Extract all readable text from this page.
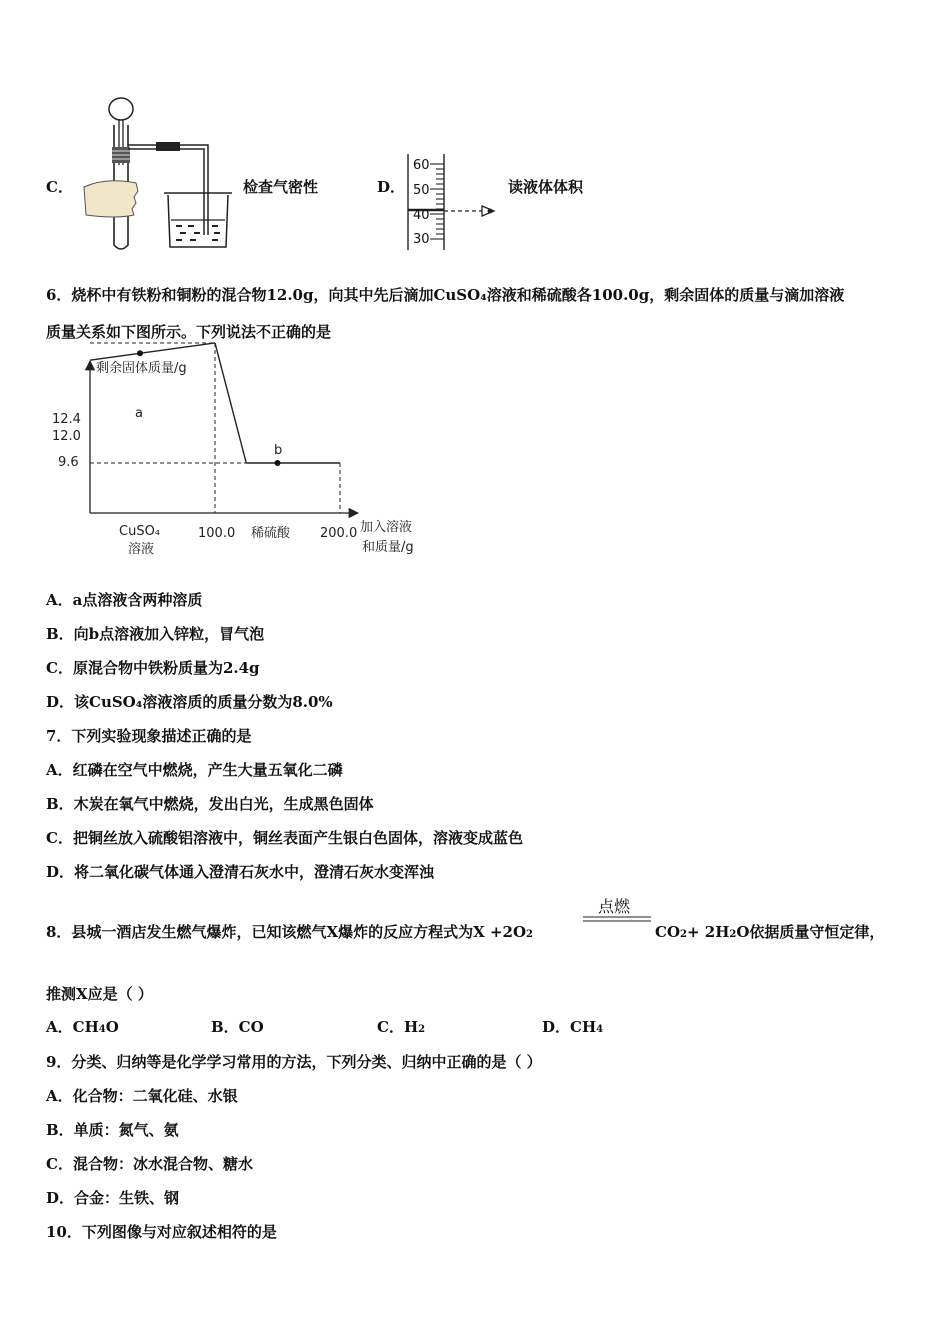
C．	检查气密性	D．
60
50
40
30
读液体体积
6．烧杯中有铁粉和铜粉的混合物12.0g，向其中先后滴加CuSO₄溶液和稀硫酸各100.0g，剩余固体的质量与滴加溶液
质量关系如下图所示。下列说法不正确的是
剩余固体质量/g
加入溶液
和质量/g
12.4
12.0
9.6
100.0	200.0
CuSO₄
溶液
稀硫酸
a
b
A．a点溶液含两种溶质
B．向b点溶液加入锌粒，冒气泡
C．原混合物中铁粉质量为2.4g
D．该CuSO₄溶液溶质的质量分数为8.0%
7．下列实验现象描述正确的是
A．红磷在空气中燃烧，产生大量五氧化二磷
B．木炭在氧气中燃烧，发出白光，生成黑色固体
C．把铜丝放入硫酸铝溶液中，铜丝表面产生银白色固体，溶液变成蓝色
D．将二氧化碳气体通入澄清石灰水中，澄清石灰水变浑浊
8．县城一酒店发生燃气爆炸，已知该燃气X爆炸的反应方程式为X +2O2
点燃
CO2+ 2H2O依据质量守恒定律，
推测X应是（ ）
A．CH4O	B．CO	C．H2	D．CH4
9．分类、归纳等是化学学习常用的方法，下列分类、归纳中正确的是（ ）
A．化合物：二氧化硅、水银
B．单质：氮气、氨
C．混合物：冰水混合物、糖水
D．合金：生铁、钢
10．下列图像与对应叙述相符的是
